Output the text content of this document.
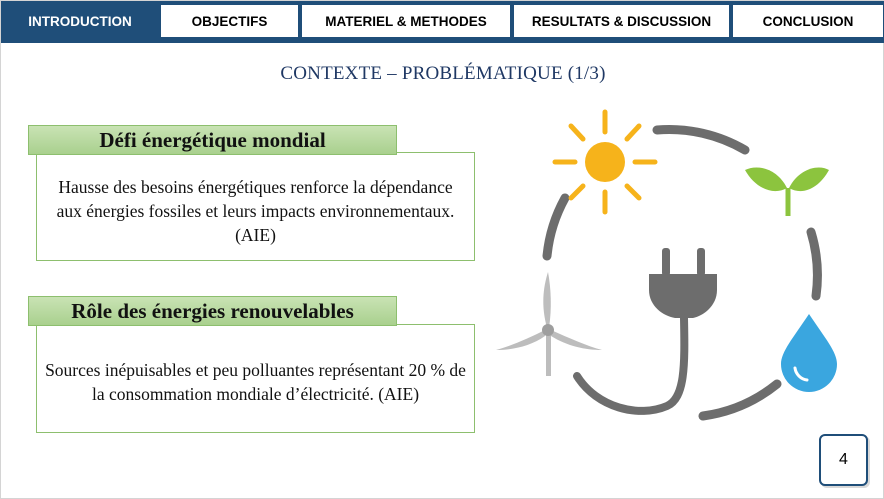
INTRODUCTION	OBJECTIFS	MATERIEL & METHODES	RESULTATS & DISCUSSION	CONCLUSION
CONTEXTE – PROBLÉMATIQUE (1/3)
Hausse des besoins énergétiques renforce la dépendance aux énergies fossiles et leurs impacts environnementaux. (AIE)
Défi énergétique mondial
Sources inépuisables et peu polluantes représentant 20 % de la consommation mondiale d’électricité. (AIE)
Rôle des énergies renouvelables
4
